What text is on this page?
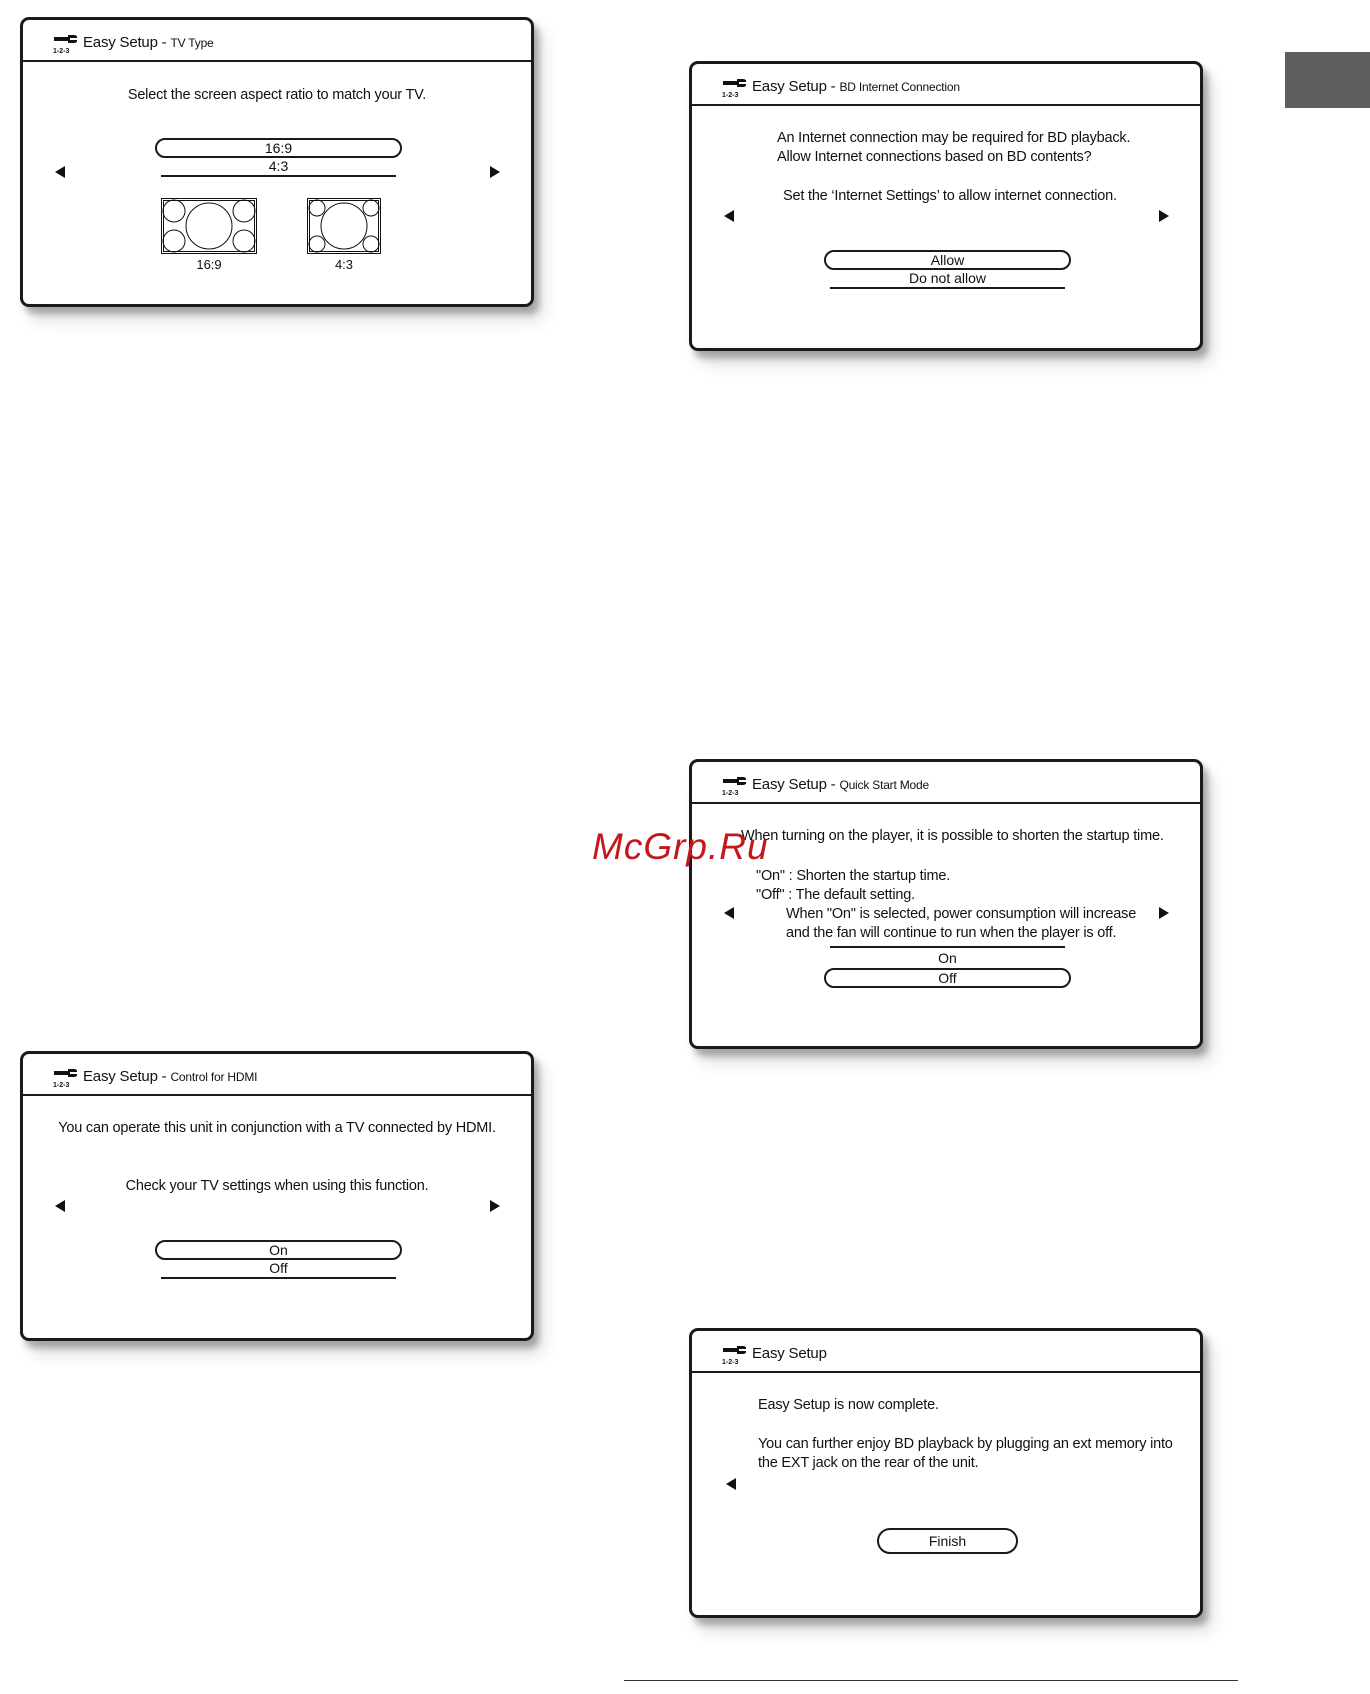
1-2-3
Easy Setup - TV Type
Select the screen aspect ratio to match your TV.
16:9
4:3
16:9	4:3
1-2-3
Easy Setup - BD Internet Connection
An Internet connection may be required for BD playback.
Allow Internet connections based on BD contents?
Set the ‘Internet Settings’ to allow internet connection.
Allow
Do not allow
1-2-3
Easy Setup - Quick Start Mode
When turning on the player, it is possible to shorten the startup time.
"On" : Shorten the startup time.
"Off" : The default setting.
When "On" is selected, power consumption will increase
and the fan will continue to run when the player is off.
On
Off
1-2-3
Easy Setup - Control for HDMI
You can operate this unit in conjunction with a TV connected by HDMI.
Check your TV settings when using this function.
On
Off
1-2-3
Easy Setup
Easy Setup is now complete.
You can further enjoy BD playback by plugging an ext memory into
the EXT jack on the rear of the unit.
Finish
McGrp.Ru
